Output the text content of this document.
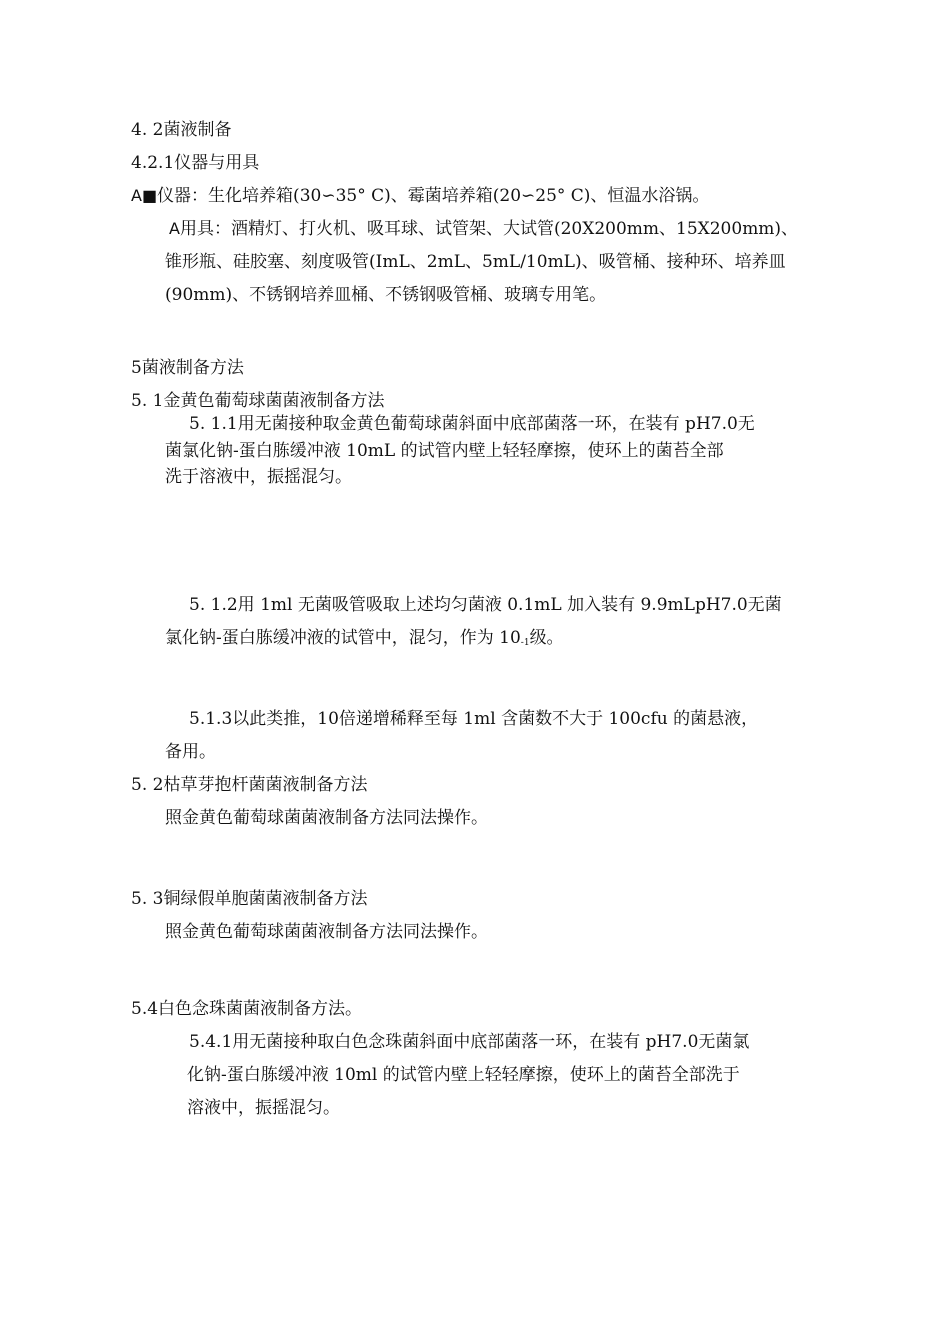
4. 2菌液制备
4.2.1仪器与用具
A■仪器：生化培养箱(30∽35° C)、霉菌培养箱(20∽25° C)、恒温水浴锅。
A用具：酒精灯、打火机、吸耳球、试管架、大试管(20X200mm、15X200mm)、
锥形瓶、硅胶塞、刻度吸管(ImL、2mL、5mL/10mL)、吸管桶、接种环、培养皿
(90mm)、不锈钢培养皿桶、不锈钢吸管桶、玻璃专用笔。
5菌液制备方法
5. 1金黄色葡萄球菌菌液制备方法
5. 1.1用无菌接种取金黄色葡萄球菌斜面中底部菌落一环，在装有 pH7.0无
菌氯化钠-蛋白胨缓冲液 10mL 的试管内壁上轻轻摩擦，使环上的菌苔全部
洗于溶液中，振摇混匀。
5. 1.2用 1ml 无菌吸管吸取上述均匀菌液 0.1mL 加入装有 9.9mLpH7.0无菌
氯化钠-蛋白胨缓冲液的试管中，混匀，作为 $10_{-1}$级。
5.1.3以此类推，10倍递增稀释至每 1ml 含菌数不大于 100cfu 的菌悬液，
备用。
5. 2枯草芽抱杆菌菌液制备方法
照金黄色葡萄球菌菌液制备方法同法操作。
5. 3铜绿假单胞菌菌液制备方法
照金黄色葡萄球菌菌液制备方法同法操作。
5.4白色念珠菌菌液制备方法。
5.4.1用无菌接种取白色念珠菌斜面中底部菌落一环，在装有 pH7.0无菌氯
化钠-蛋白胨缓冲液 10ml 的试管内壁上轻轻摩擦，使环上的菌苔全部洗于
溶液中，振摇混匀。
